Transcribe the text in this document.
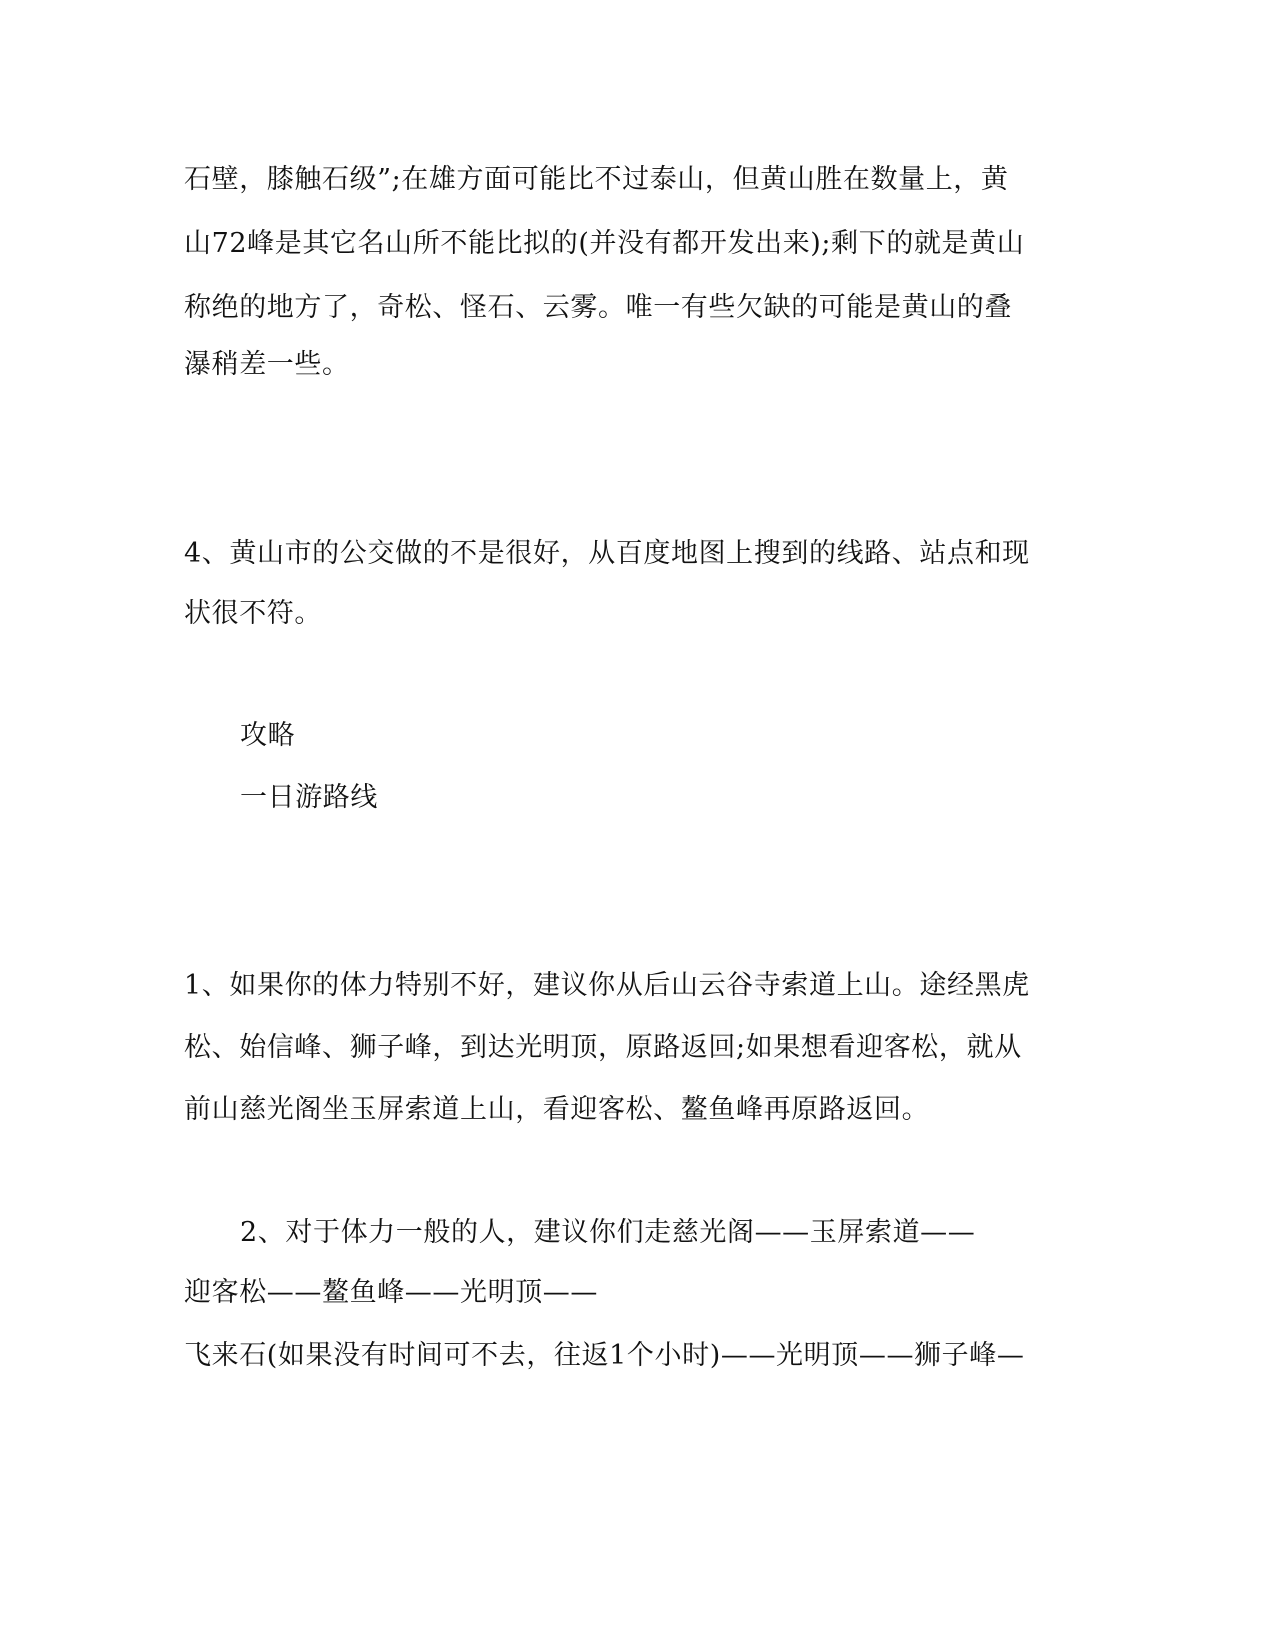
石壁，膝触石级”;在雄方面可能比不过泰山，但黄山胜在数量上，黄
山72峰是其它名山所不能比拟的(并没有都开发出来);剩下的就是黄山
称绝的地方了，奇松、怪石、云雾。唯一有些欠缺的可能是黄山的叠
瀑稍差一些。
4、黄山市的公交做的不是很好，从百度地图上搜到的线路、站点和现
状很不符。
攻略
一日游路线
1、如果你的体力特别不好，建议你从后山云谷寺索道上山。途经黑虎
松、始信峰、狮子峰，到达光明顶，原路返回;如果想看迎客松，就从
前山慈光阁坐玉屏索道上山，看迎客松、鳌鱼峰再原路返回。
2、对于体力一般的人，建议你们走慈光阁——玉屏索道——
迎客松——鳌鱼峰——光明顶——
飞来石(如果没有时间可不去，往返1个小时)——光明顶——狮子峰—
